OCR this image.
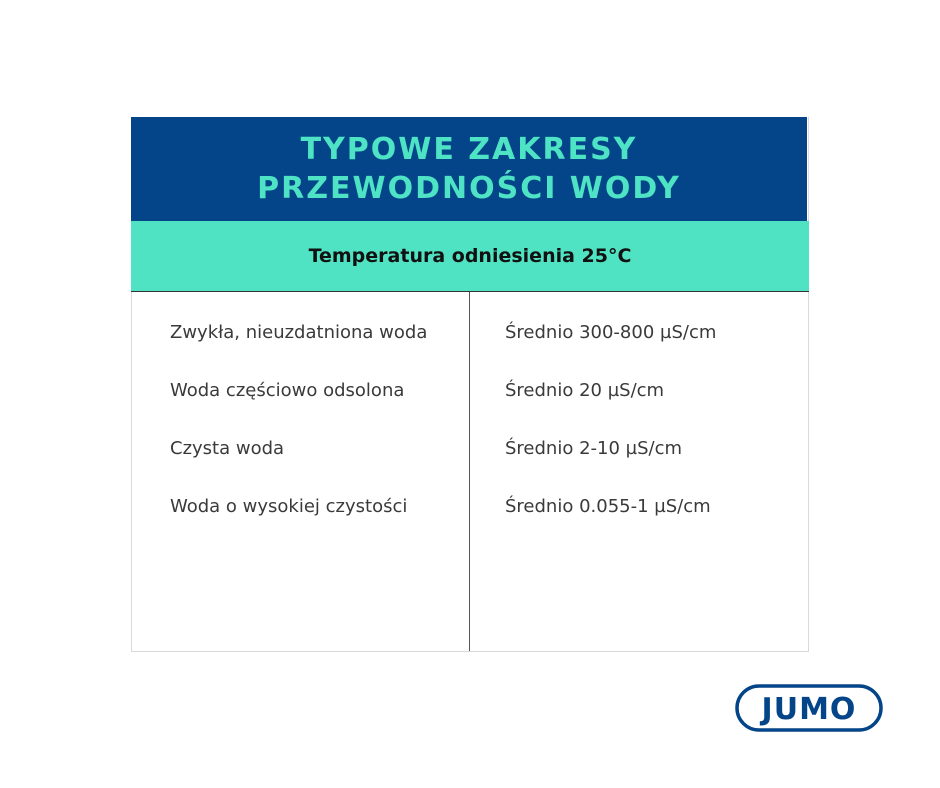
TYPOWE ZAKRESY PRZEWODNOŚCI WODY
Temperatura odniesienia 25°C
Zwykła, nieuzdatniona woda
Woda częściowo odsolona
Czysta woda
Woda o wysokiej czystości
Średnio 300-800 µS/cm
Średnio 20 µS/cm
Średnio 2-10 µS/cm
Średnio 0.055-1 µS/cm
JUMO
